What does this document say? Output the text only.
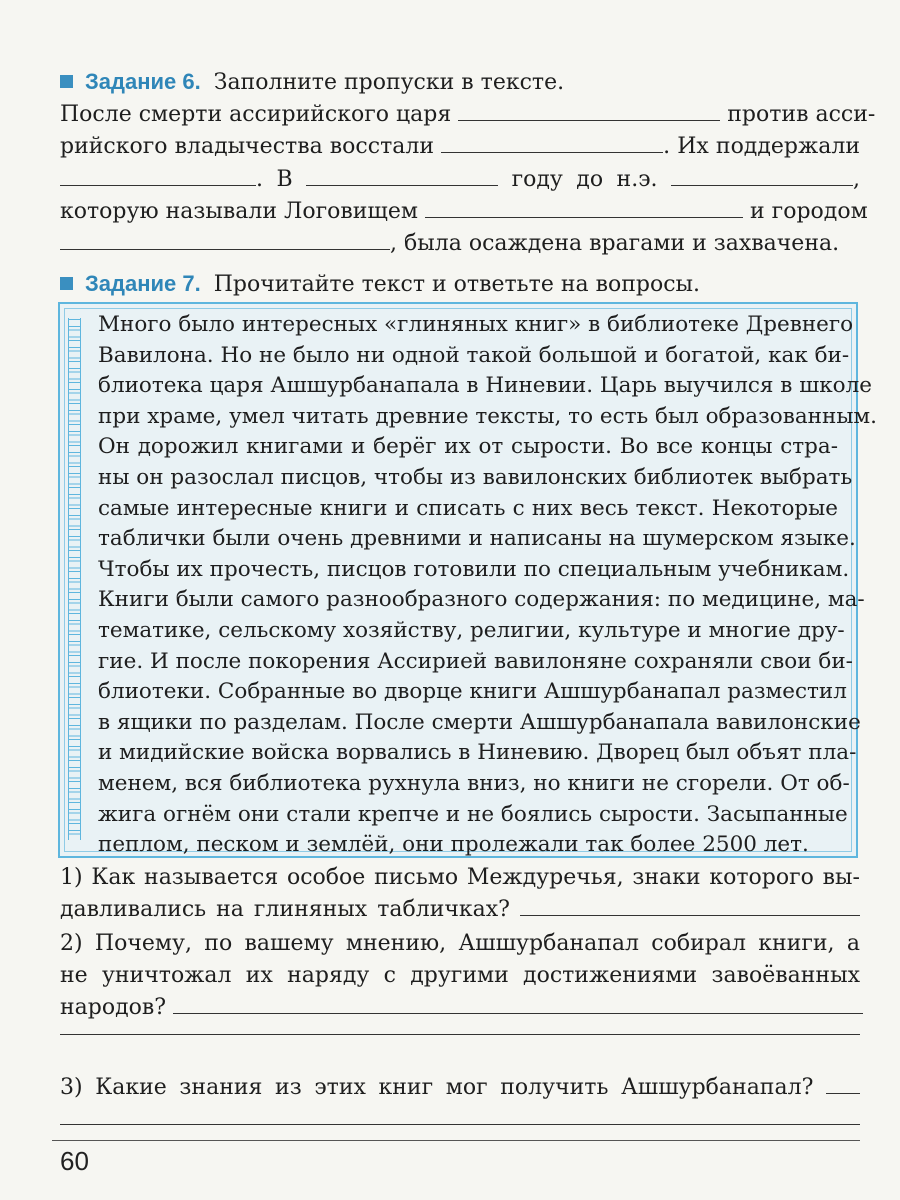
Задание 6. Заполните пропуски в тексте.
После смерти ассирийского царя	против асси-
рийского владычества восстали	. Их поддержали
. В	году до н.э.	,
которую называли Логовищем	и городом
, была осаждена врагами и захвачена.
Задание 7. Прочитайте текст и ответьте на вопросы.
Много было интересных «глиняных книг» в библиотеке Древнего
Вавилона. Но не было ни одной такой большой и богатой, как би-
блиотека царя Ашшурбанапала в Ниневии. Царь выучился в школе
при храме, умел читать древние тексты, то есть был образованным.
Он дорожил книгами и берёг их от сырости. Во все концы стра-
ны он разослал писцов, чтобы из вавилонских библиотек выбрать
самые интересные книги и списать с них весь текст. Некоторые
таблички были очень древними и написаны на шумерском языке.
Чтобы их прочесть, писцов готовили по специальным учебникам.
Книги были самого разнообразного содержания: по медицине, ма-
тематике, сельскому хозяйству, религии, культуре и многие дру-
гие. И после покорения Ассирией вавилоняне сохраняли свои би-
блиотеки. Собранные во дворце книги Ашшурбанапал разместил
в ящики по разделам. После смерти Ашшурбанапала вавилонские
и мидийские войска ворвались в Ниневию. Дворец был объят пла-
менем, вся библиотека рухнула вниз, но книги не сгорели. От об-
жига огнём они стали крепче и не боялись сырости. Засыпанные
пеплом, песком и землёй, они пролежали так более 2500 лет.
1) Как называется особое письмо Междуречья, знаки которого вы-
давливались на глиняных табличках?
2) Почему, по вашему мнению, Ашшурбанапал собирал книги, а
не уничтожал их наряду с другими достижениями завоёванных
народов?
3) Какие знания из этих книг мог получить Ашшурбанапал?
60
